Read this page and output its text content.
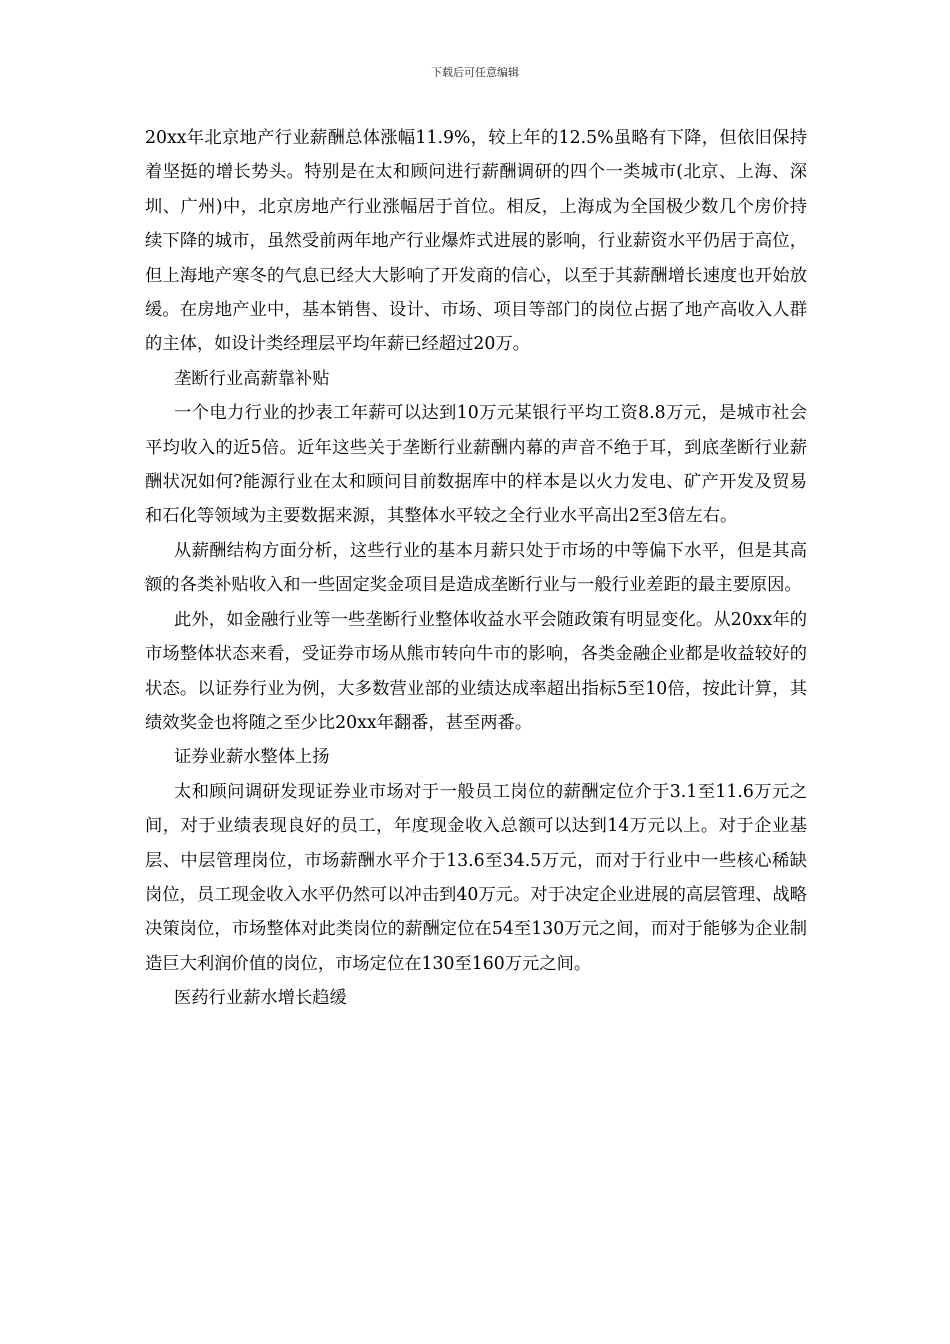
下载后可任意编辑

20xx年北京地产行业薪酬总体涨幅11.9%，较上年的12.5%虽略有下降，但依旧保持着坚挺的增长势头。特别是在太和顾问进行薪酬调研的四个一类城市(北京、上海、深圳、广州)中，北京房地产行业涨幅居于首位。相反，上海成为全国极少数几个房价持续下降的城市，虽然受前两年地产行业爆炸式进展的影响，行业薪资水平仍居于高位，但上海地产寒冬的气息已经大大影响了开发商的信心，以至于其薪酬增长速度也开始放缓。在房地产业中，基本销售、设计、市场、项目等部门的岗位占据了地产高收入人群的主体，如设计类经理层平均年薪已经超过20万。

垄断行业高薪靠补贴

一个电力行业的抄表工年薪可以达到10万元某银行平均工资8.8万元，是城市社会平均收入的近5倍。近年这些关于垄断行业薪酬内幕的声音不绝于耳，到底垄断行业薪酬状况如何?能源行业在太和顾问目前数据库中的样本是以火力发电、矿产开发及贸易和石化等领域为主要数据来源，其整体水平较之全行业水平高出2至3倍左右。

从薪酬结构方面分析，这些行业的基本月薪只处于市场的中等偏下水平，但是其高额的各类补贴收入和一些固定奖金项目是造成垄断行业与一般行业差距的最主要原因。

此外，如金融行业等一些垄断行业整体收益水平会随政策有明显变化。从20xx年的市场整体状态来看，受证券市场从熊市转向牛市的影响，各类金融企业都是收益较好的状态。以证券行业为例，大多数营业部的业绩达成率超出指标5至10倍，按此计算，其绩效奖金也将随之至少比20xx年翻番，甚至两番。

证券业薪水整体上扬

太和顾问调研发现证券业市场对于一般员工岗位的薪酬定位介于3.1至11.6万元之间，对于业绩表现良好的员工，年度现金收入总额可以达到14万元以上。对于企业基层、中层管理岗位，市场薪酬水平介于13.6至34.5万元，而对于行业中一些核心稀缺岗位，员工现金收入水平仍然可以冲击到40万元。对于决定企业进展的高层管理、战略决策岗位，市场整体对此类岗位的薪酬定位在54至130万元之间，而对于能够为企业制造巨大利润价值的岗位，市场定位在130至160万元之间。

医药行业薪水增长趋缓
